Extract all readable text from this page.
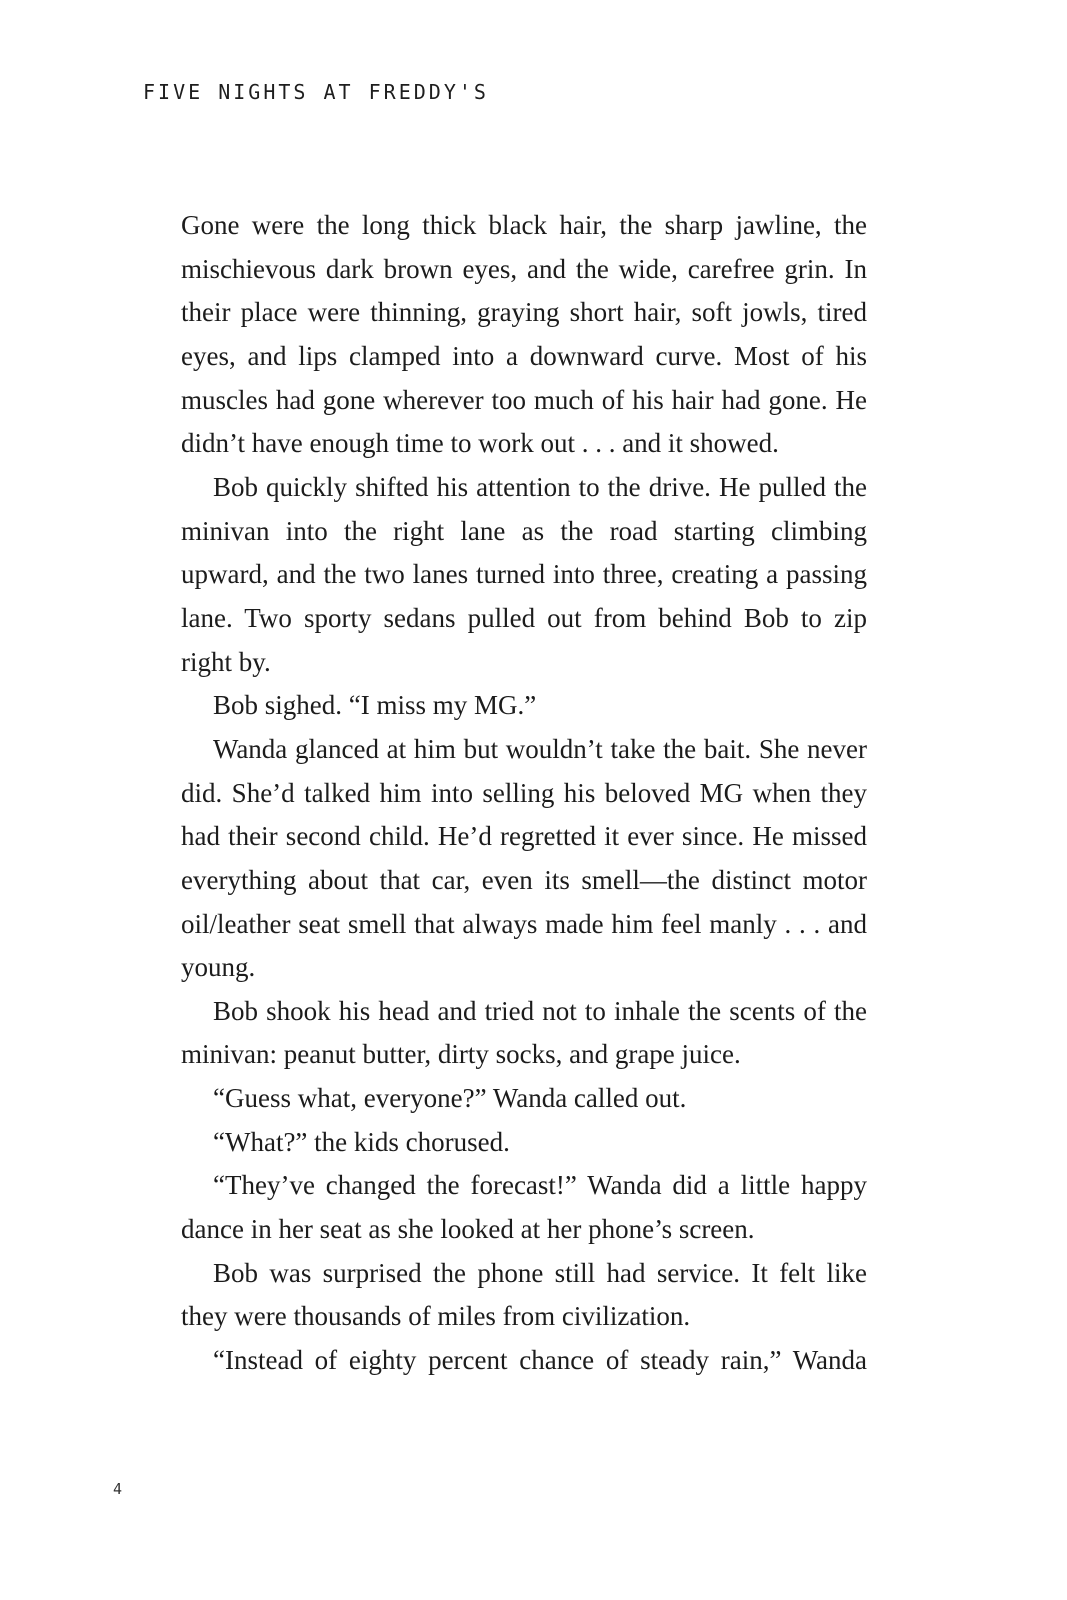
FIVE NIGHTS AT FREDDY'S

Gone were the long thick black hair, the sharp jawline, the mischievous dark brown eyes, and the wide, carefree grin. In their place were thinning, graying short hair, soft jowls, tired eyes, and lips clamped into a downward curve. Most of his muscles had gone wherever too much of his hair had gone. He didn’t have enough time to work out . . . and it showed.

Bob quickly shifted his attention to the drive. He pulled the minivan into the right lane as the road starting climbing upward, and the two lanes turned into three, creating a passing lane. Two sporty sedans pulled out from behind Bob to zip right by.

Bob sighed. “I miss my MG.”

Wanda glanced at him but wouldn’t take the bait. She never did. She’d talked him into selling his beloved MG when they had their second child. He’d regretted it ever since. He missed everything about that car, even its smell—the distinct motor oil/leather seat smell that always made him feel manly . . . and young.

Bob shook his head and tried not to inhale the scents of the minivan: peanut butter, dirty socks, and grape juice.

“Guess what, everyone?” Wanda called out.

“What?” the kids chorused.

“They’ve changed the forecast!” Wanda did a little happy dance in her seat as she looked at her phone’s screen.

Bob was surprised the phone still had service. It felt like they were thousands of miles from civilization.

“Instead of eighty percent chance of steady rain,” Wanda

4
